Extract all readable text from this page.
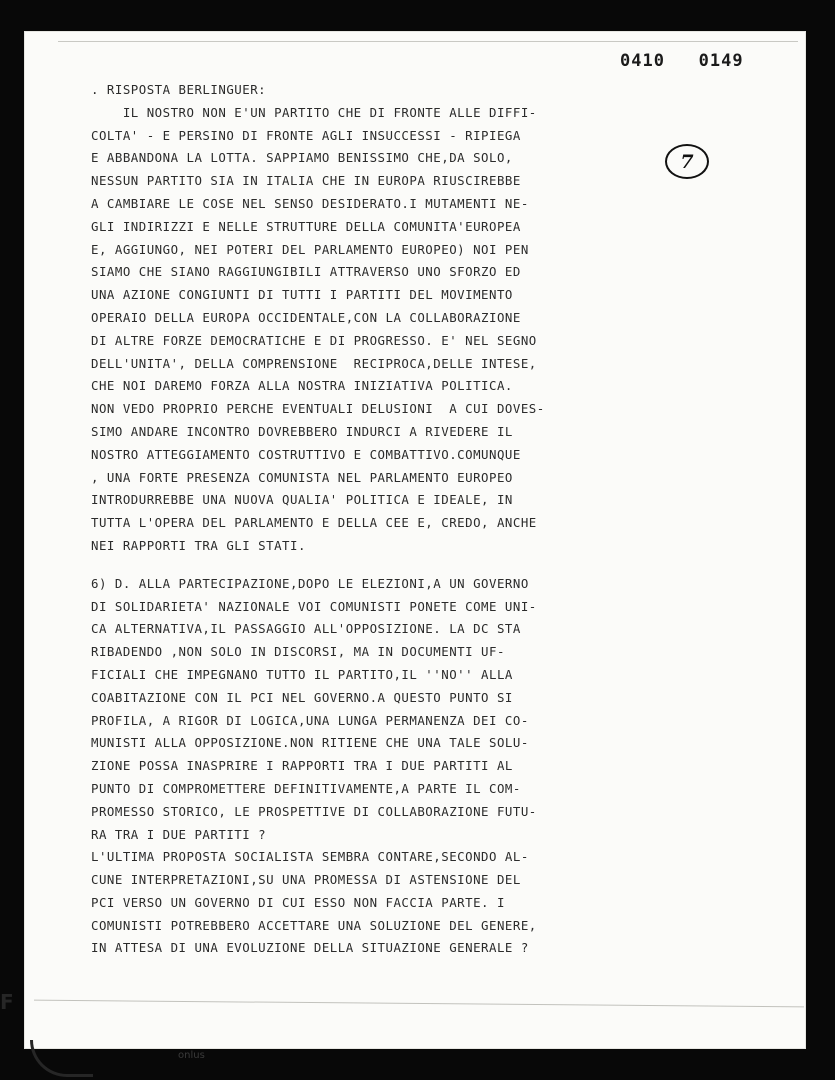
0410   0149
7
. RISPOSTA BERLINGUER:
IL NOSTRO NON E'UN PARTITO CHE DI FRONTE ALLE DIFFI-
COLTA' - E PERSINO DI FRONTE AGLI INSUCCESSI - RIPIEGA
E ABBANDONA LA LOTTA. SAPPIAMO BENISSIMO CHE,DA SOLO,
NESSUN PARTITO SIA IN ITALIA CHE IN EUROPA RIUSCIREBBE
A CAMBIARE LE COSE NEL SENSO DESIDERATO.I MUTAMENTI NE-
GLI INDIRIZZI E NELLE STRUTTURE DELLA COMUNITA'EUROPEA
E, AGGIUNGO, NEI POTERI DEL PARLAMENTO EUROPEO) NOI PEN
SIAMO CHE SIANO RAGGIUNGIBILI ATTRAVERSO UNO SFORZO ED
UNA AZIONE CONGIUNTI DI TUTTI I PARTITI DEL MOVIMENTO
OPERAIO DELLA EUROPA OCCIDENTALE,CON LA COLLABORAZIONE
DI ALTRE FORZE DEMOCRATICHE E DI PROGRESSO. E' NEL SEGNO
DELL'UNITA', DELLA COMPRENSIONE  RECIPROCA,DELLE INTESE,
CHE NOI DAREMO FORZA ALLA NOSTRA INIZIATIVA POLITICA.
NON VEDO PROPRIO PERCHE EVENTUALI DELUSIONI  A CUI DOVES-
SIMO ANDARE INCONTRO DOVREBBERO INDURCI A RIVEDERE IL
NOSTRO ATTEGGIAMENTO COSTRUTTIVO E COMBATTIVO.COMUNQUE
, UNA FORTE PRESENZA COMUNISTA NEL PARLAMENTO EUROPEO
INTRODURREBBE UNA NUOVA QUALIA' POLITICA E IDEALE, IN
TUTTA L'OPERA DEL PARLAMENTO E DELLA CEE E, CREDO, ANCHE
NEI RAPPORTI TRA GLI STATI.
6) D. ALLA PARTECIPAZIONE,DOPO LE ELEZIONI,A UN GOVERNO
DI SOLIDARIETA' NAZIONALE VOI COMUNISTI PONETE COME UNI-
CA ALTERNATIVA,IL PASSAGGIO ALL'OPPOSIZIONE. LA DC STA
RIBADENDO ,NON SOLO IN DISCORSI, MA IN DOCUMENTI UF-
FICIALI CHE IMPEGNANO TUTTO IL PARTITO,IL ''NO'' ALLA
COABITAZIONE CON IL PCI NEL GOVERNO.A QUESTO PUNTO SI
PROFILA, A RIGOR DI LOGICA,UNA LUNGA PERMANENZA DEI CO-
MUNISTI ALLA OPPOSIZIONE.NON RITIENE CHE UNA TALE SOLU-
ZIONE POSSA INASPRIRE I RAPPORTI TRA I DUE PARTITI AL
PUNTO DI COMPROMETTERE DEFINITIVAMENTE,A PARTE IL COM-
PROMESSO STORICO, LE PROSPETTIVE DI COLLABORAZIONE FUTU-
RA TRA I DUE PARTITI ?
L'ULTIMA PROPOSTA SOCIALISTA SEMBRA CONTARE,SECONDO AL-
CUNE INTERPRETAZIONI,SU UNA PROMESSA DI ASTENSIONE DEL
PCI VERSO UN GOVERNO DI CUI ESSO NON FACCIA PARTE. I
COMUNISTI POTREBBERO ACCETTARE UNA SOLUZIONE DEL GENERE,
IN ATTESA DI UNA EVOLUZIONE DELLA SITUAZIONE GENERALE ?
F
onlus
